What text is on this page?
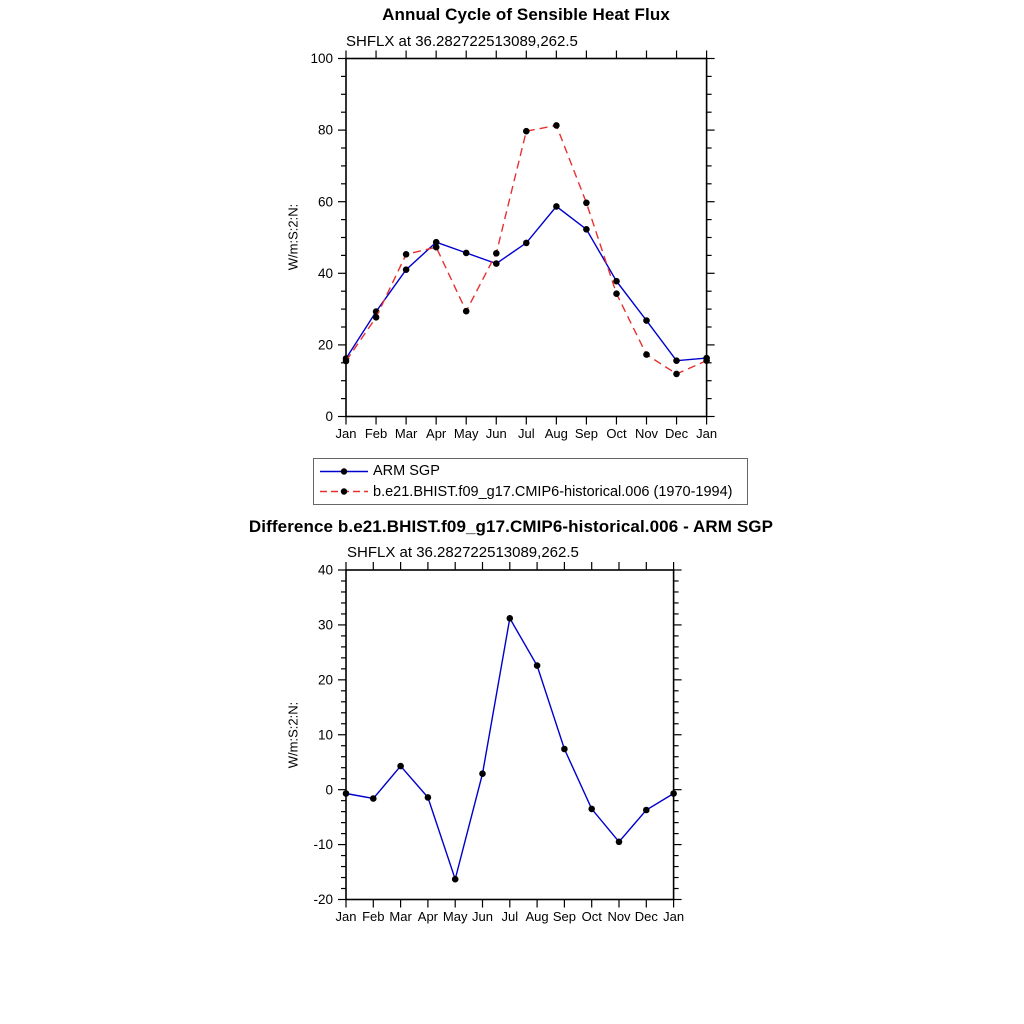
Jan Feb Mar Apr May Jun Jul Aug Sep Oct Nov Dec Jan
0
20
40
60
80
100
Jan Feb Mar Apr May Jun Jul Aug Sep Oct Nov Dec Jan
-20
-10
0
10
20
30
40
Annual Cycle of Sensible Heat Flux
SHFLX at 36.282722513089,262.5
W/m:S:2:N:
ARM SGP
b.e21.BHIST.f09_g17.CMIP6-historical.006 (1970-1994)
Difference b.e21.BHIST.f09_g17.CMIP6-historical.006 - ARM SGP
SHFLX at 36.282722513089,262.5
W/m:S:2:N:
